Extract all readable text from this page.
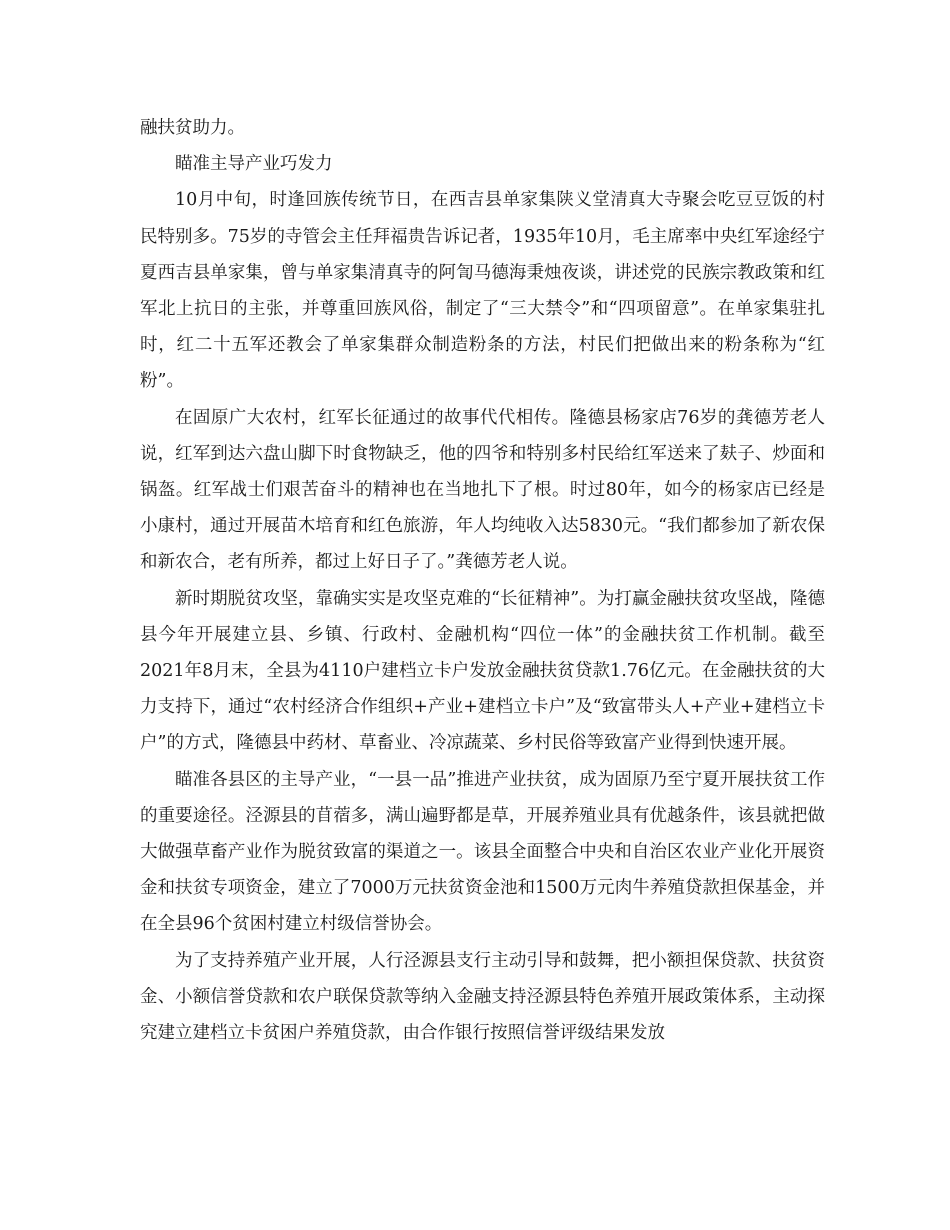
融扶贫助力。

瞄准主导产业巧发力

10月中旬，时逢回族传统节日，在西吉县单家集陕义堂清真大寺聚会吃豆豆饭的村民特别多。75岁的寺管会主任拜福贵告诉记者，1935年10月，毛主席率中央红军途经宁夏西吉县单家集，曾与单家集清真寺的阿訇马德海秉烛夜谈，讲述党的民族宗教政策和红军北上抗日的主张，并尊重回族风俗，制定了“三大禁令”和“四项留意”。在单家集驻扎时，红二十五军还教会了单家集群众制造粉条的方法，村民们把做出来的粉条称为“红粉”。

在固原广大农村，红军长征通过的故事代代相传。隆德县杨家店76岁的龚德芳老人说，红军到达六盘山脚下时食物缺乏，他的四爷和特别多村民给红军送来了麸子、炒面和锅盔。红军战士们艰苦奋斗的精神也在当地扎下了根。时过80年，如今的杨家店已经是小康村，通过开展苗木培育和红色旅游，年人均纯收入达5830元。“我们都参加了新农保和新农合，老有所养，都过上好日子了。”龚德芳老人说。

新时期脱贫攻坚，靠确实实是攻坚克难的“长征精神”。为打赢金融扶贫攻坚战，隆德县今年开展建立县、乡镇、行政村、金融机构“四位一体”的金融扶贫工作机制。截至2021年8月末，全县为4110户建档立卡户发放金融扶贫贷款1.76亿元。在金融扶贫的大力支持下，通过“农村经济合作组织+产业+建档立卡户”及“致富带头人+产业+建档立卡户”的方式，隆德县中药材、草畜业、冷凉蔬菜、乡村民俗等致富产业得到快速开展。

瞄准各县区的主导产业，“一县一品”推进产业扶贫，成为固原乃至宁夏开展扶贫工作的重要途径。泾源县的苜蓿多，满山遍野都是草，开展养殖业具有优越条件，该县就把做大做强草畜产业作为脱贫致富的渠道之一。该县全面整合中央和自治区农业产业化开展资金和扶贫专项资金，建立了7000万元扶贫资金池和1500万元肉牛养殖贷款担保基金，并在全县96个贫困村建立村级信誉协会。

为了支持养殖产业开展，人行泾源县支行主动引导和鼓舞，把小额担保贷款、扶贫资金、小额信誉贷款和农户联保贷款等纳入金融支持泾源县特色养殖开展政策体系，主动探究建立建档立卡贫困户养殖贷款，由合作银行按照信誉评级结果发放
